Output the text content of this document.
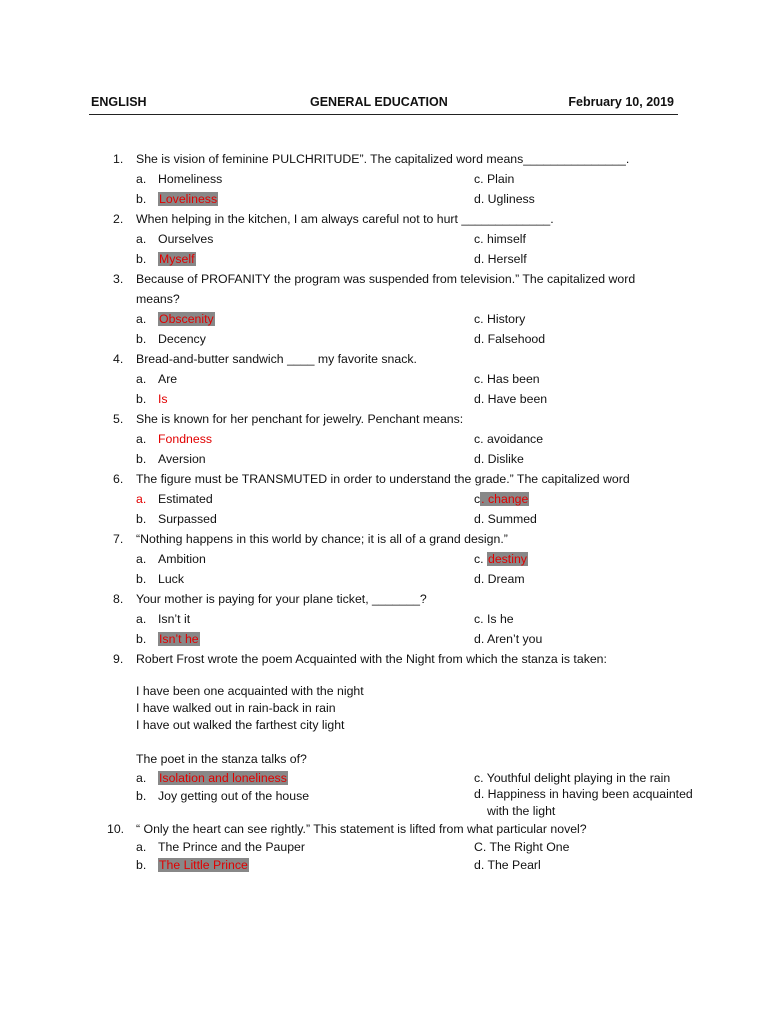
ENGLISH	GENERAL EDUCATION	February 10, 2019
1.	She is vision of feminine PULCHRITUDE”. The capitalized word means_______________.
a. Homeliness	c. Plain
b. Loveliness	d. Ugliness
2.	When helping in the kitchen, I am always careful not to hurt _____________.
a. Ourselves	c. himself
b. Myself	d. Herself
3.	Because of PROFANITY the program was suspended from television.” The capitalized word means?
a. Obscenity	c. History
b. Decency	d. Falsehood
4.	Bread-and-butter sandwich ____ my favorite snack.
a. Are	c. Has been
b. Is	d. Have been
5.	She is known for her penchant for jewelry. Penchant means:
a. Fondness	c. avoidance
b. Aversion	d. Dislike
6.	The figure must be TRANSMUTED in order to understand the grade.” The capitalized word
a. Estimated	c. change
b. Surpassed	d. Summed
7.	“Nothing happens in this world by chance; it is all of a grand design.”
a. Ambition	c. destiny
b. Luck	d. Dream
8.	Your mother is paying for your plane ticket, _______?
a. Isn’t it	c. Is he
b. Isn’t he	d. Aren’t you
9.	Robert Frost wrote the poem Acquainted with the Night from which the stanza is taken:
I have been one acquainted with the night
I have walked out in rain-back in rain
I have out walked the farthest city light
The poet in the stanza talks of?
a. Isolation and loneliness	c. Youthful delight playing in the rain
b. Joy getting out of the house	d. Happiness in having been acquainted
with the light
10. “ Only the heart can see rightly.” This statement is lifted from what particular novel?
a. The Prince and the Pauper	C. The Right One
b. The Little Prince	d. The Pearl
